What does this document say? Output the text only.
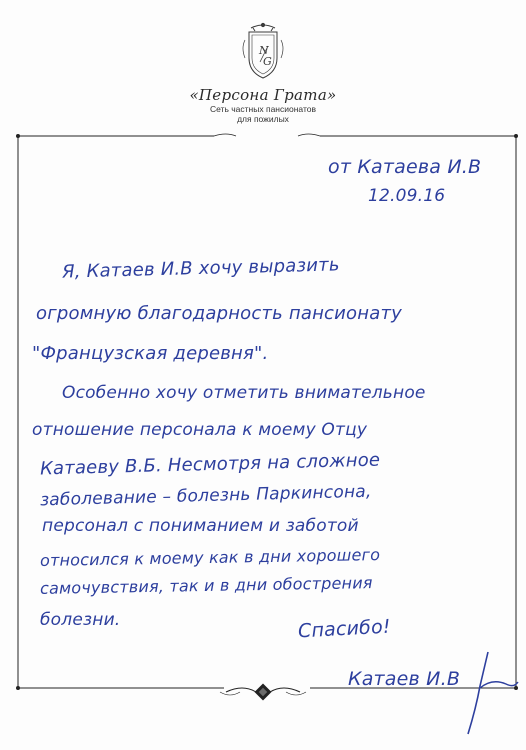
N
G
«Персона Грата»
Сеть частных пансионатов
для пожилых
от Катаева И.В
12.09.16
Я, Катаев И.В хочу выразить
огромную благодарность пансионату
"Французская деревня".
Особенно хочу отметить внимательное
отношение персонала к моему Отцу
Катаеву В.Б. Несмотря на сложное
заболевание – болезнь Паркинсона,
персонал с пониманием и заботой
относился к моему как в дни хорошего
самочувствия, так и в дни обострения
болезни.	Спасибо!
Катаев И.В
